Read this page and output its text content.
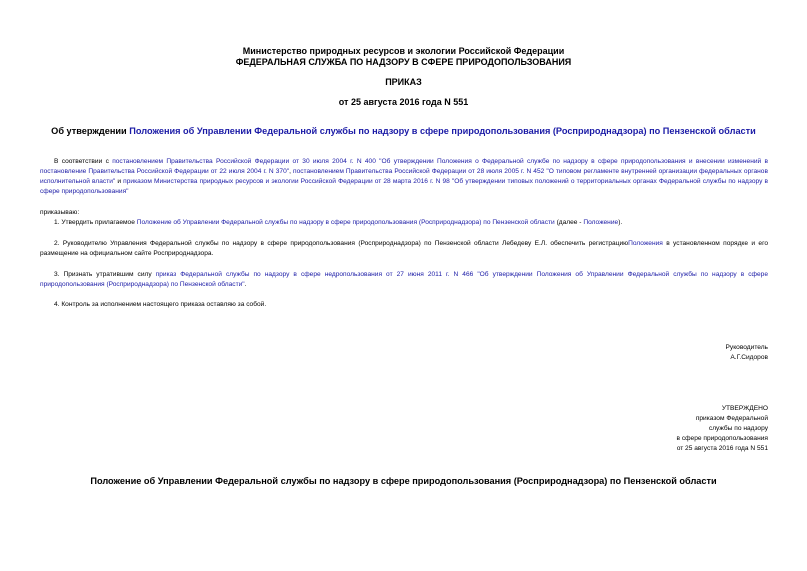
Министерство природных ресурсов и экологии Российской Федерации
ФЕДЕРАЛЬНАЯ СЛУЖБА ПО НАДЗОРУ В СФЕРЕ ПРИРОДОПОЛЬЗОВАНИЯ
ПРИКАЗ
от 25 августа 2016 года N 551
Об утверждении Положения об Управлении Федеральной службы по надзору в сфере природопользования (Росприроднадзора) по Пензенской области
В соответствии с постановлением Правительства Российской Федерации от 30 июля 2004 г. N 400 "Об утверждении Положения о Федеральной службе по надзору в сфере природопользования и внесении изменений в постановление Правительства Российской Федерации от 22 июля 2004 г. N 370", постановлением Правительства Российской Федерации от 28 июля 2005 г. N 452 "О типовом регламенте внутренней организации федеральных органов исполнительной власти" и приказом Министерства природных ресурсов и экологии Российской Федерации от 28 марта 2016 г. N 98 "Об утверждении типовых положений о территориальных органах Федеральной службы по надзору в сфере природопользования"
приказываю:
1. Утвердить прилагаемое Положение об Управлении Федеральной службы по надзору в сфере природопользования (Росприроднадзора) по Пензенской области (далее - Положение).
2. Руководителю Управления Федеральной службы по надзору в сфере природопользования (Росприроднадзора) по Пензенской области Лебедеву Е.Л. обеспечить регистрациюПоложения в установленном порядке и его размещение на официальном сайте Росприроднадзора.
3. Признать утратившим силу приказ Федеральной службы по надзору в сфере недропользования от 27 июня 2011 г. N 466 "Об утверждении Положения об Управлении Федеральной службы по надзору в сфере природопользования (Росприроднадзора) по Пензенской области".
4. Контроль за исполнением настоящего приказа оставляю за собой.
Руководитель
А.Г.Сидоров
УТВЕРЖДЕНО
приказом Федеральной
службы по надзору
в сфере природопользования
от 25 августа 2016 года N 551
Положение об Управлении Федеральной службы по надзору в сфере природопользования (Росприроднадзора) по Пензенской области
